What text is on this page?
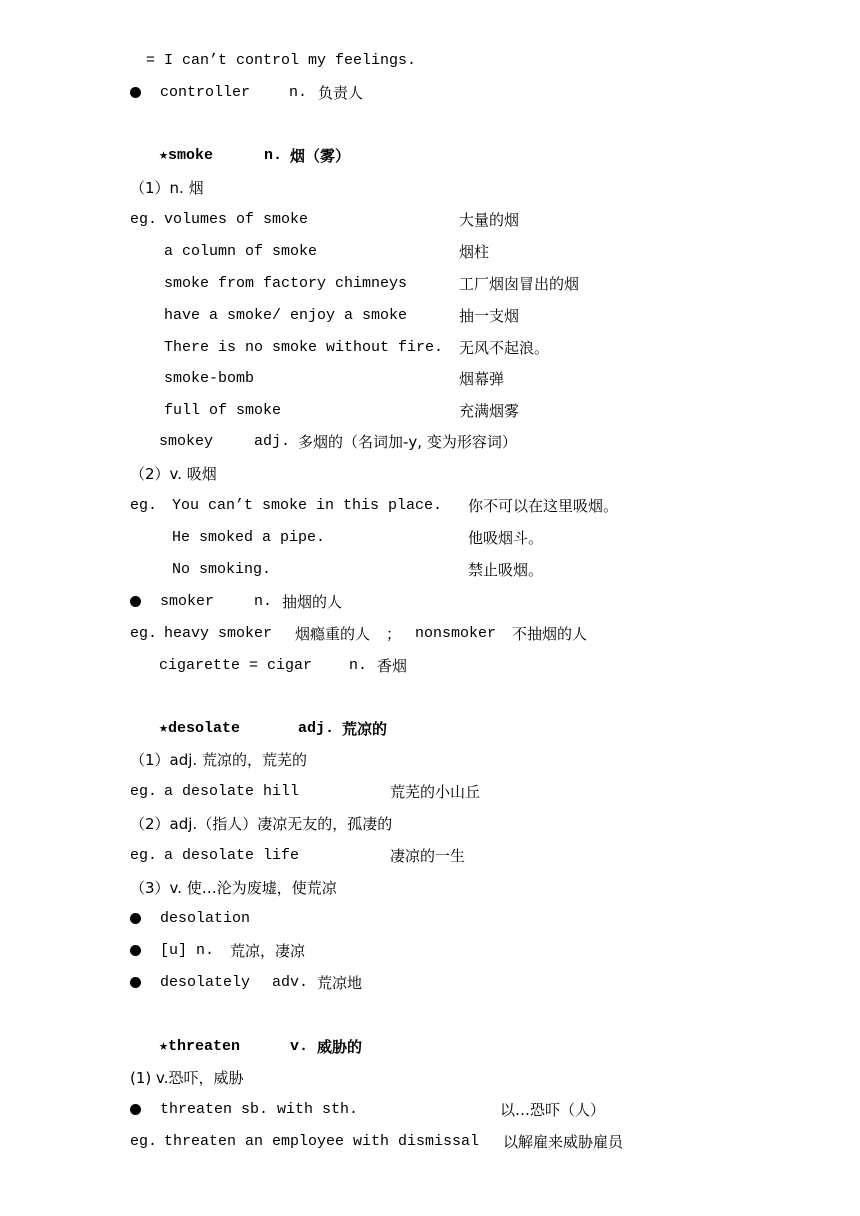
= I can’t control my feelings.
controller	n. 负责人
★smoke	n. 烟（雾）
（1）n. 烟
eg. volumes of smoke	大量的烟
a column of smoke	烟柱
smoke from factory chimneys	工厂烟囱冒出的烟
have a smoke/ enjoy a smoke	抽一支烟
There is no smoke without fire. 无风不起浪。
smoke-bomb	烟幕弹
full of smoke	充满烟雾
smokey	adj. 多烟的（名词加-y, 变为形容词）
（2）v. 吸烟
eg. You can’t smoke in this place. 你不可以在这里吸烟。
He smoked a pipe.	他吸烟斗。
No smoking.	禁止吸烟。
smoker	n. 抽烟的人
eg. heavy smoker 烟瘾重的人 ； nonsmoker 不抽烟的人
cigarette = cigar n. 香烟
★desolate	adj. 荒凉的
（1）adj. 荒凉的，荒芜的
eg. a desolate hill	荒芜的小山丘
（2）adj.（指人）凄凉无友的，孤凄的
eg. a desolate life	凄凉的一生
（3）v. 使…沦为废墟，使荒凉
desolation
[u] n. 荒凉，凄凉
desolately adv. 荒凉地
★threaten	v. 威胁的
(1) v.恐吓，威胁
threaten sb. with sth.	以…恐吓（人）
eg. threaten an employee with dismissal 以解雇来威胁雇员
